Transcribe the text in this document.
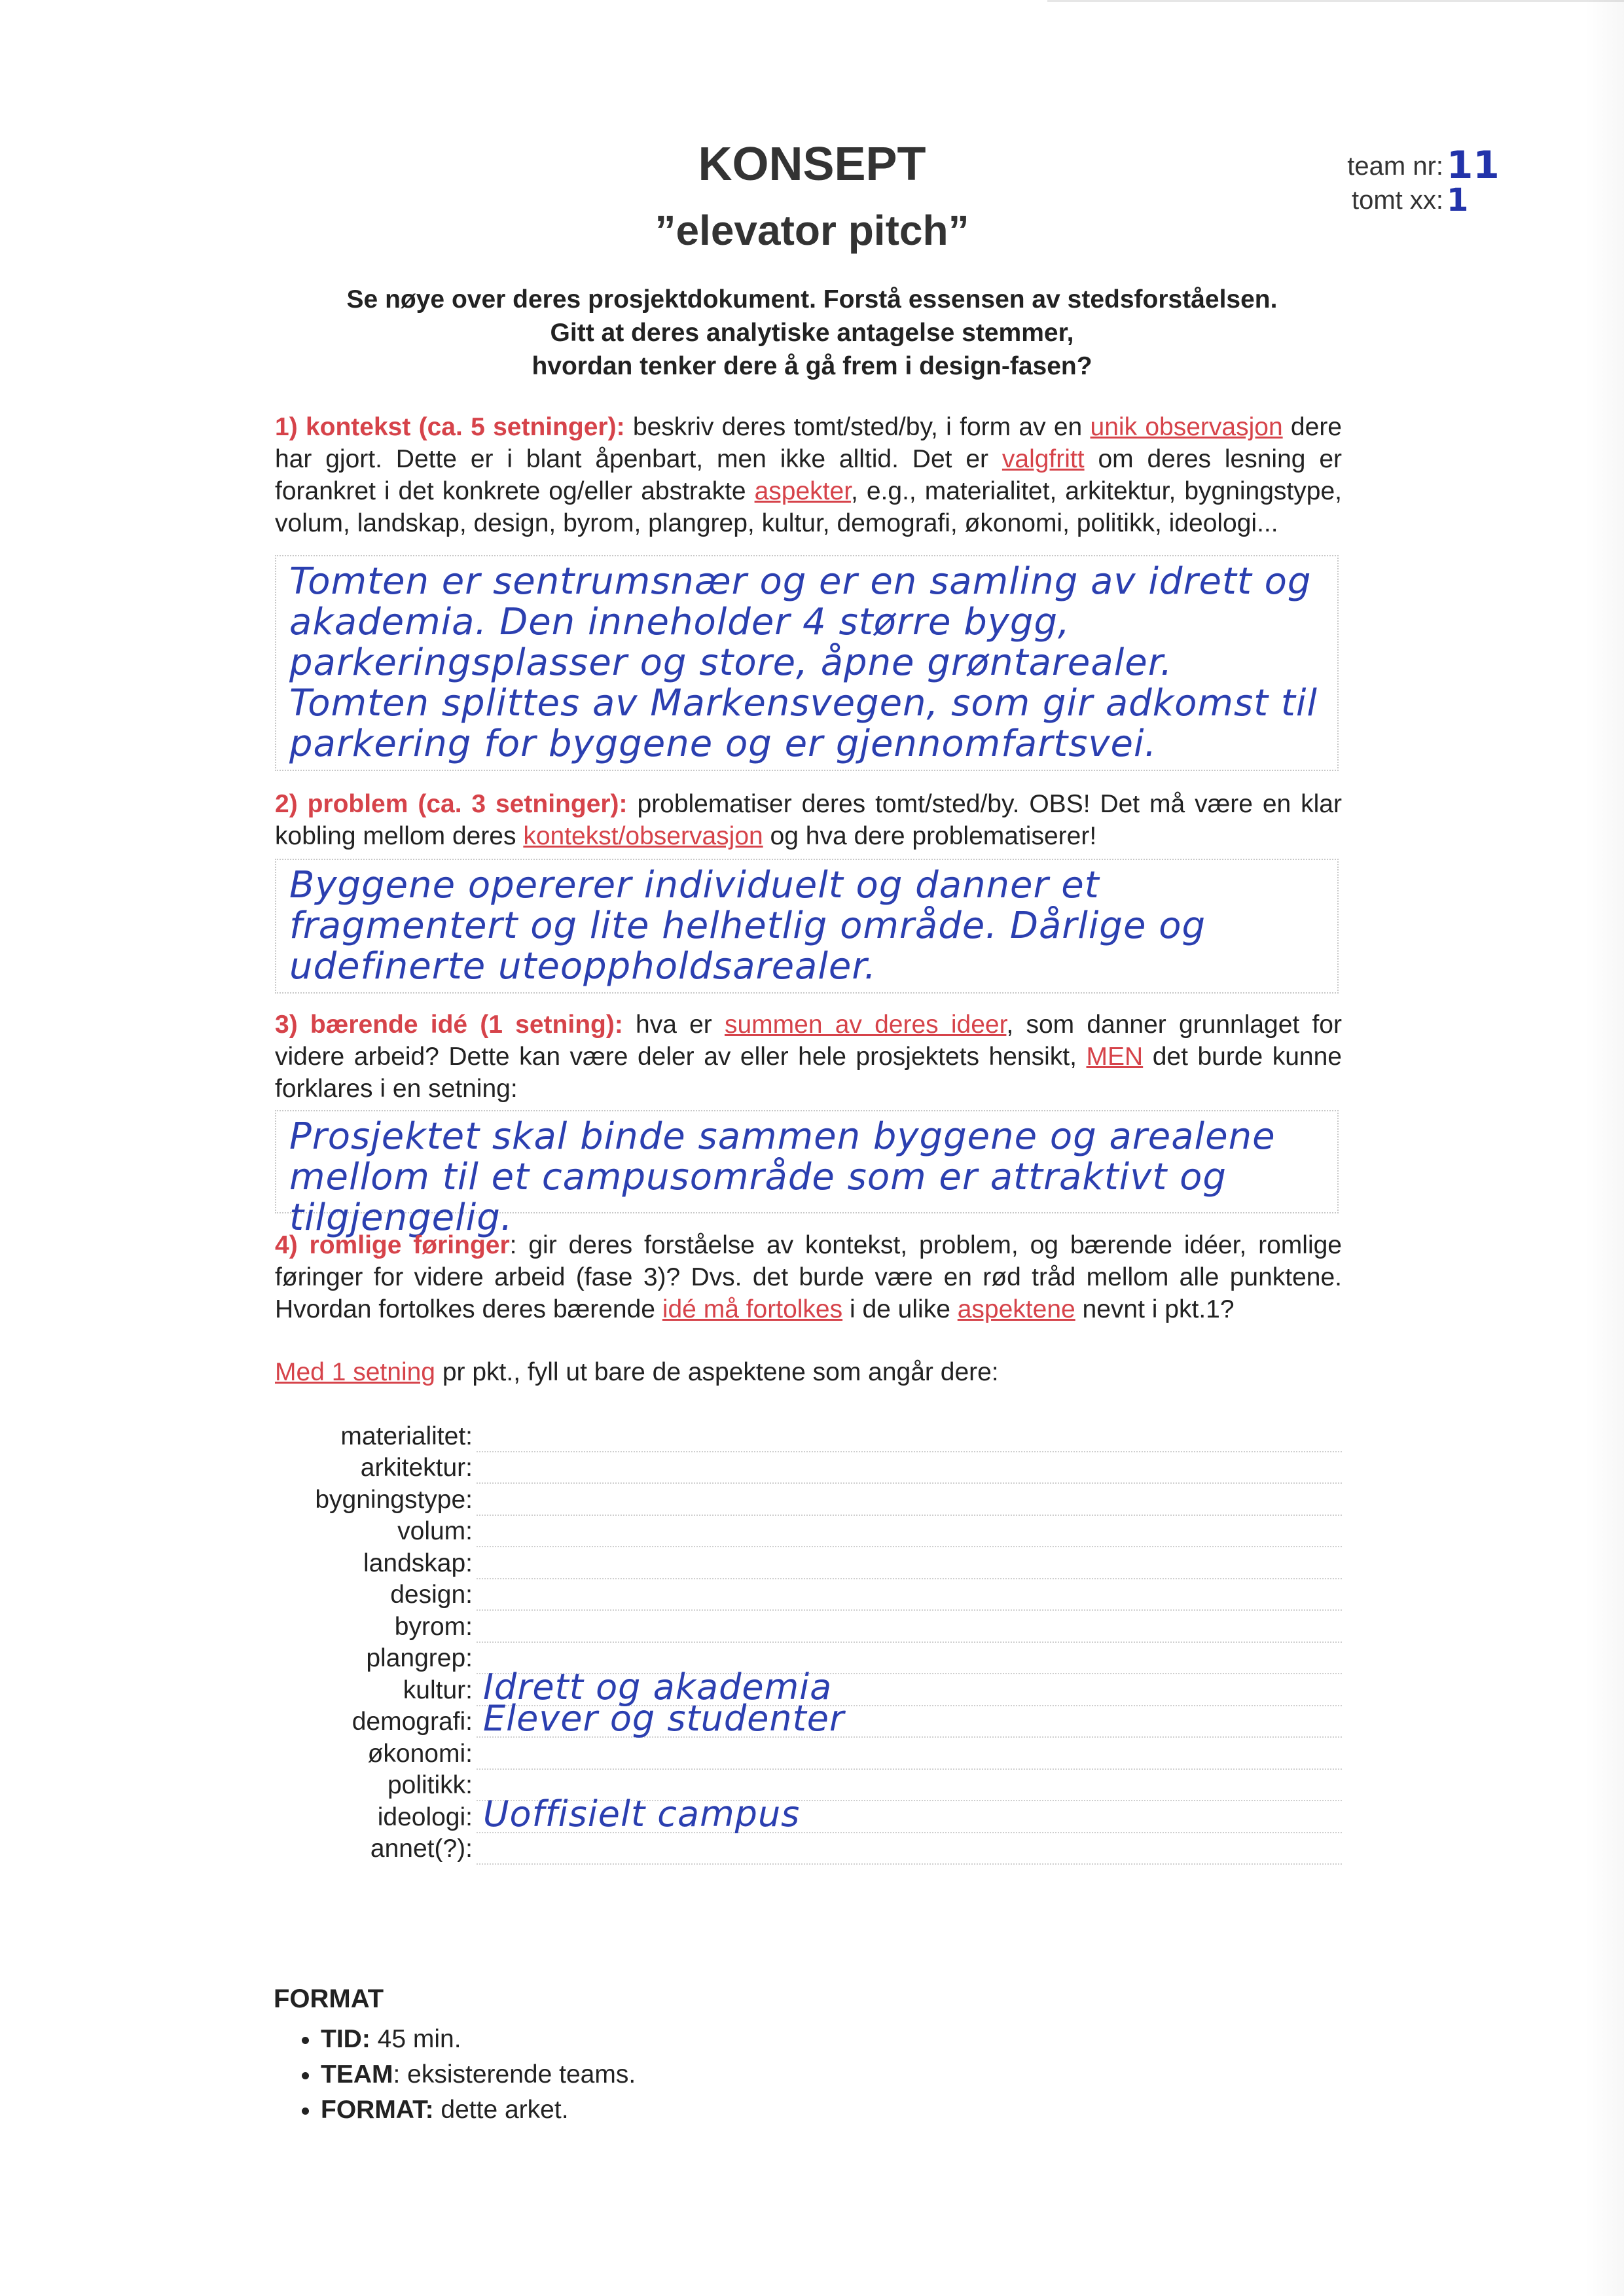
KONSEPT
”elevator pitch”
team nr:
tomt xx:
11
1
Se nøye over deres prosjektdokument. Forstå essensen av stedsforståelsen.
Gitt at deres analytiske antagelse stemmer,
hvordan tenker dere å gå frem i design-fasen?
1) kontekst (ca. 5 setninger): beskriv deres tomt/sted/by, i form av en unik observasjon dere har gjort. Dette er i blant åpenbart, men ikke alltid. Det er valgfritt om deres lesning er forankret i det konkrete og/eller abstrakte aspekter, e.g., materialitet, arkitektur, bygningstype, volum, landskap, design, byrom, plangrep, kultur, demografi, økonomi, politikk, ideologi...
Tomten er sentrumsnær og er en samling av idrett og akademia. Den inneholder 4 større bygg, parkeringsplasser og store, åpne grøntarealer. Tomten splittes av Markensvegen, som gir adkomst til parkering for byggene og er gjennomfartsvei.
2) problem (ca. 3 setninger): problematiser deres tomt/sted/by. OBS! Det må være en klar kobling mellom deres kontekst/observasjon og hva dere problematiserer!
Byggene opererer individuelt og danner et fragmentert og lite helhetlig område. Dårlige og udefinerte uteoppholdsarealer.
3) bærende idé (1 setning): hva er summen av deres ideer, som danner grunnlaget for videre arbeid? Dette kan være deler av eller hele prosjektets hensikt, MEN det burde kunne forklares i en setning:
Prosjektet skal binde sammen byggene og arealene mellom til et campusområde som er attraktivt og tilgjengelig.
4) romlige føringer: gir deres forståelse av kontekst, problem, og bærende idéer, romlige føringer for videre arbeid (fase 3)? Dvs. det burde være en rød tråd mellom alle punktene. Hvordan fortolkes deres bærende idé må fortolkes i de ulike aspektene nevnt i pkt.1?
Med 1 setning pr pkt., fyll ut bare de aspektene som angår dere:
materialitet:
arkitektur:
bygningstype:
volum:
landskap:
design:
byrom:
plangrep:
kultur: Idrett og akademia
demografi: Elever og studenter
økonomi:
politikk:
ideologi: Uoffisielt campus
annet(?):
FORMAT
• TID: 45 min.
• TEAM: eksisterende teams.
• FORMAT: dette arket.
